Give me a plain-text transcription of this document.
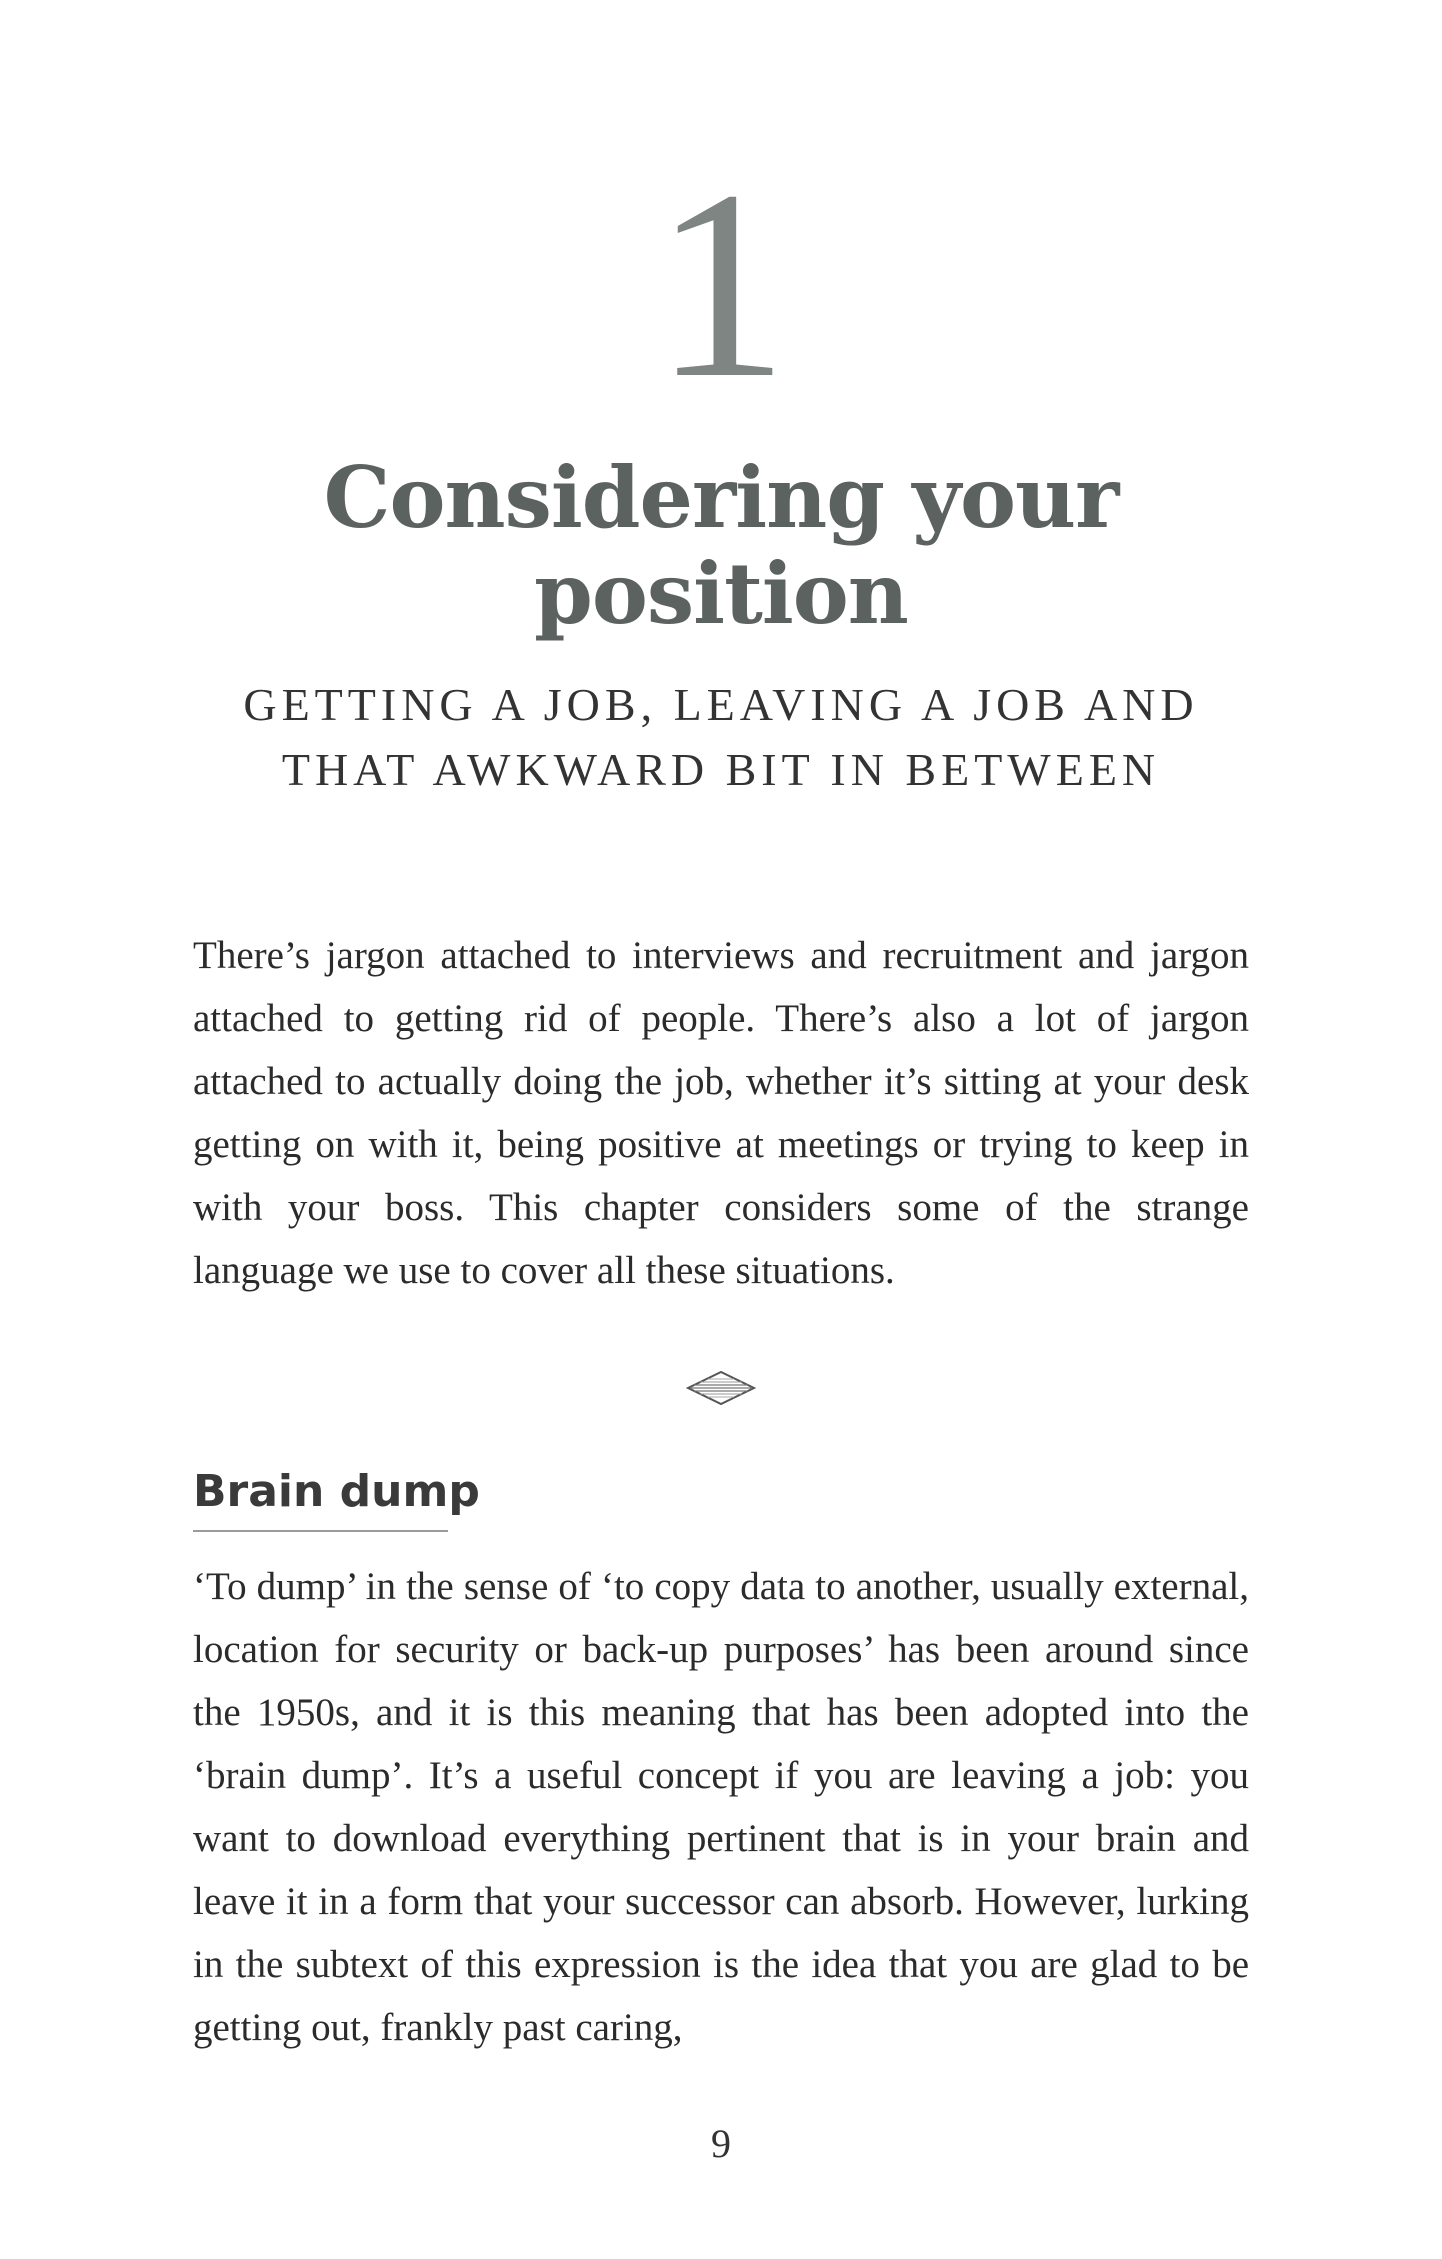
1
Considering your
position
GETTING A JOB, LEAVING A JOB AND
THAT AWKWARD BIT IN BETWEEN

There’s jargon attached to interviews and recruitment and jargon attached to getting rid of people. There’s also a lot of jargon attached to actually doing the job, whether it’s sitting at your desk getting on with it, being positive at meetings or trying to keep in with your boss. This chapter considers some of the strange language we use to cover all these situations.

Brain dump

‘To dump’ in the sense of ‘to copy data to another, usually external, location for security or back-up purposes’ has been around since the 1950s, and it is this meaning that has been adopted into the ‘brain dump’. It’s a useful concept if you are leaving a job: you want to download everything pertinent that is in your brain and leave it in a form that your successor can absorb. However, lurking in the subtext of this expression is the idea that you are glad to be getting out, frankly past caring,

9
